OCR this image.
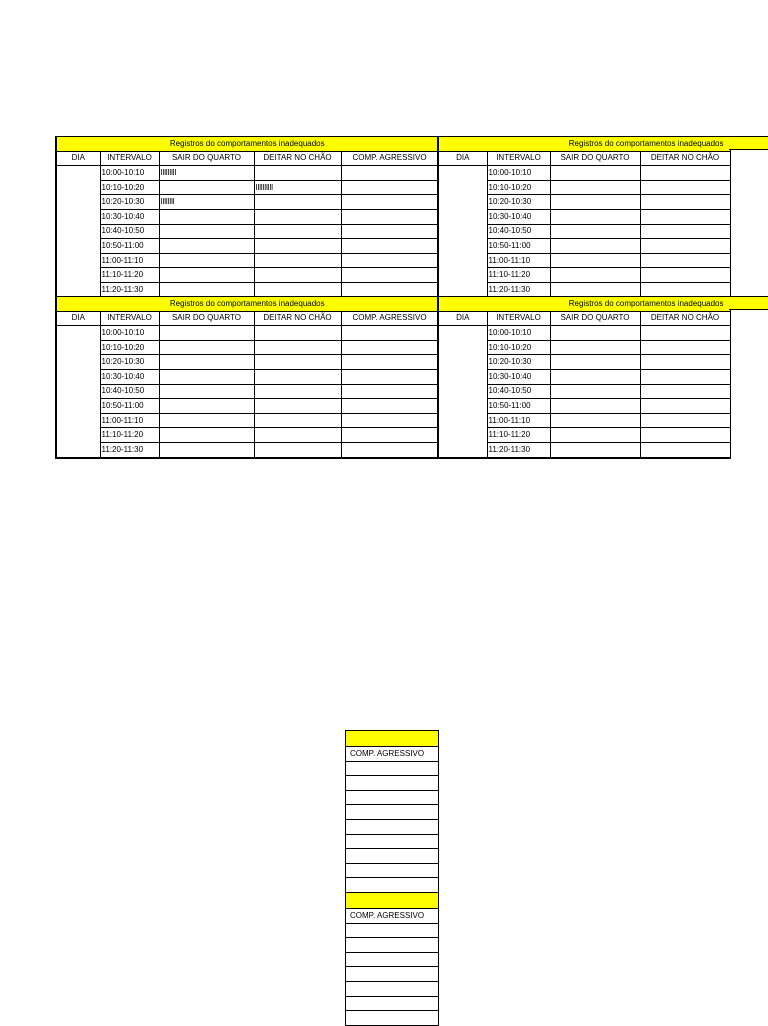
Registros do comportamentos inadequados				
DIA	INTERVALO	SAIR DO QUARTO	DEITAR NO CHÃO	COMP. AGRESSIVO
	10:00-10:10	IIIIIIIII		
	10:10-10:20		IIIIIIIIII	
	10:20-10:30	IIIIIIII		
	10:30-10:40			
	10:40-10:50			
	10:50-11:00			
	11:00-11:10			
	11:10-11:20			
	11:20-11:30			
Registros do comportamentos inadequados			
DIA	INTERVALO	SAIR DO QUARTO	DEITAR NO CHÃO
	10:00-10:10		
	10:10-10:20		
	10:20-10:30		
	10:30-10:40		
	10:40-10:50		
	10:50-11:00		
	11:00-11:10		
	11:10-11:20		
	11:20-11:30		
Registros do comportamentos inadequados				
DIA	INTERVALO	SAIR DO QUARTO	DEITAR NO CHÃO	COMP. AGRESSIVO
	10:00-10:10			
	10:10-10:20			
	10:20-10:30			
	10:30-10:40			
	10:40-10:50			
	10:50-11:00			
	11:00-11:10			
	11:10-11:20			
	11:20-11:30			
Registros do comportamentos inadequados			
DIA	INTERVALO	SAIR DO QUARTO	DEITAR NO CHÃO
	10:00-10:10		
	10:10-10:20		
	10:20-10:30		
	10:30-10:40		
	10:40-10:50		
	10:50-11:00		
	11:00-11:10		
	11:10-11:20		
	11:20-11:30		

COMP. AGRESSIVO

COMP. AGRESSIVO
